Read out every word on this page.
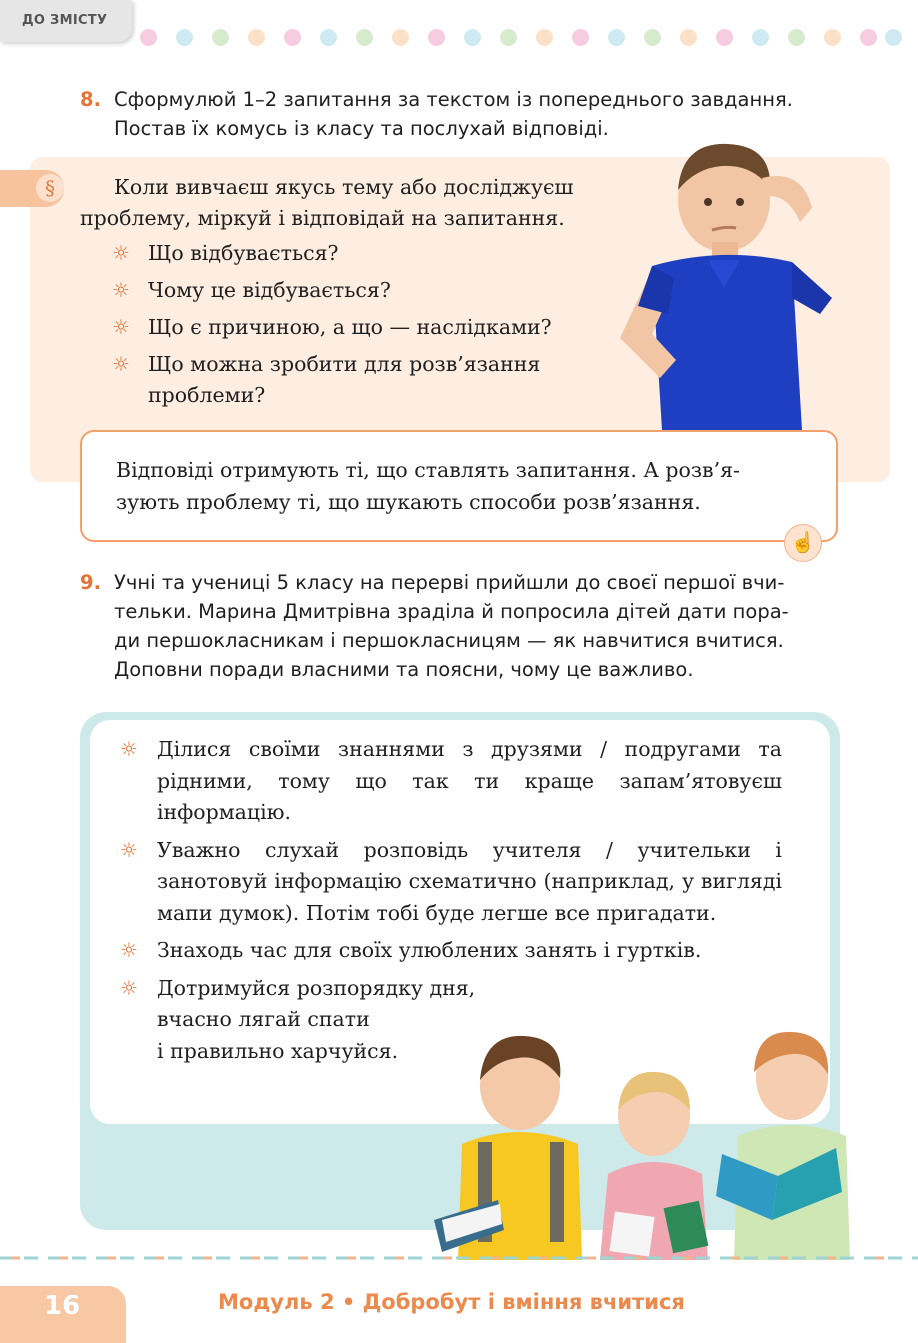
ДО ЗМІСТУ
8. Сформулюй 1–2 запитання за текстом із попереднього завдання.
Постав їх комусь із класу та послухай відповіді.
§	Коли вивчаєш якусь тему або досліджуєш
проблему, міркуй і відповідай на запитання.
☼ Що відбувається?
☼ Чому це відбувається?
☼ Що є причиною, а що — наслідками?
☼ Що можна зробити для розв’язання проблеми?
Відповіді отримують ті, що ставлять запитання. А розв’я-
зують проблему ті, що шукають способи розв’язання.
☝
9. Учні та учениці 5 класу на перерві прийшли до своєї першої вчи-
тельки. Марина Дмитрівна зраділа й попросила дітей дати пора-
ди першокласникам і першокласницям — як навчитися вчитися.
Доповни поради власними та поясни, чому це важливо.
☼ Ділися своїми знаннями з друзями / подругами та рідними, тому що так ти краще запам’ятовуєш інформацію.
☼ Уважно слухай розповідь учителя / учительки і занотовуй інформацію схематично (наприклад, у вигляді мапи думок). Потім тобі буде легше все пригадати.
☼ Знаходь час для своїх улюблених занять і гуртків.
☼ Дотримуйся розпорядку дня,
вчасно лягай спати
і правильно харчуйся.
16	Модуль 2 • Добробут і вміння вчитися
